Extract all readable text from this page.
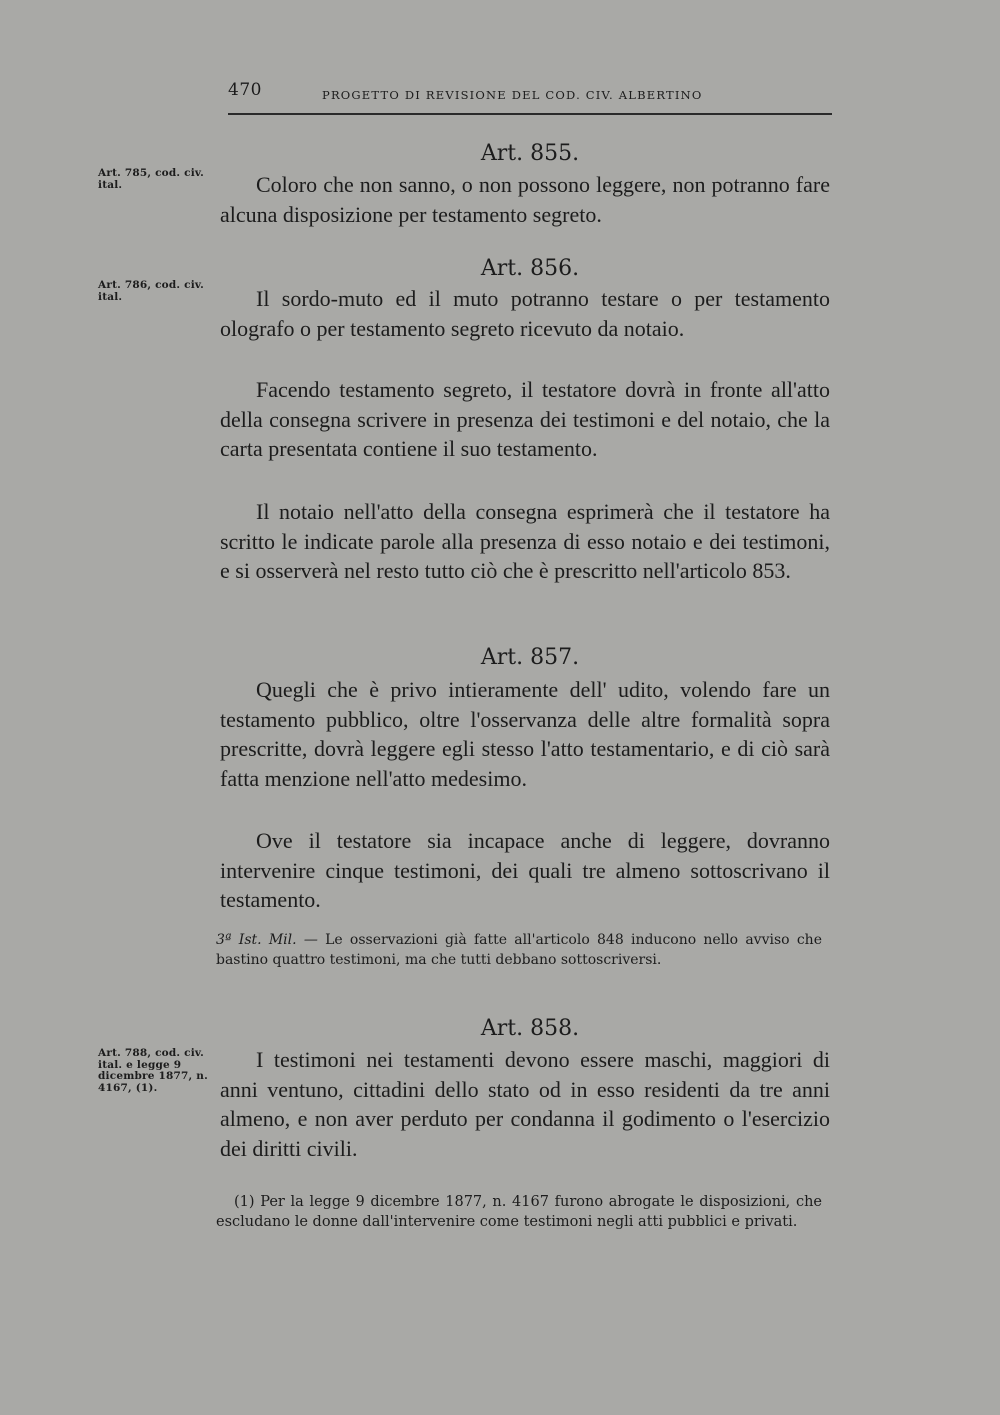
470	PROGETTO DI REVISIONE DEL COD. CIV. ALBERTINO
Art. 855.
Art. 785, cod. civ. ital.	Coloro che non sanno, o non possono leggere, non potranno fare alcuna disposizione per testamento segreto.

Art. 856.
Art. 786, cod. civ. ital.	Il sordo-muto ed il muto potranno testare o per testamento olografo o per testamento segreto ricevuto da notaio.

Facendo testamento segreto, il testatore dovrà in fronte all'atto della consegna scrivere in presenza dei testimoni e del notaio, che la carta presentata contiene il suo testamento.

Il notaio nell'atto della consegna esprimerà che il testatore ha scritto le indicate parole alla presenza di esso notaio e dei testimoni, e si osserverà nel resto tutto ciò che è prescritto nell'articolo 853.

Art. 857.

Quegli che è privo intieramente dell' udito, volendo fare un testamento pubblico, oltre l'osservanza delle altre formalità sopra prescritte, dovrà leggere egli stesso l'atto testamentario, e di ciò sarà fatta menzione nell'atto medesimo.

Ove il testatore sia incapace anche di leggere, dovranno intervenire cinque testimoni, dei quali tre almeno sottoscrivano il testamento.

3ª Ist. Mil. — Le osservazioni già fatte all'articolo 848 inducono nello avviso che bastino quattro testimoni, ma che tutti debbano sottoscriversi.

Art. 858.
Art. 788, cod. civ. ital. e legge 9 dicembre 1877, n. 4167, (1).

I testimoni nei testamenti devono essere maschi, maggiori di anni ventuno, cittadini dello stato od in esso residenti da tre anni almeno, e non aver perduto per condanna il godimento o l'esercizio dei diritti civili.

(1) Per la legge 9 dicembre 1877, n. 4167 furono abrogate le disposizioni, che escludano le donne dall'intervenire come testimoni negli atti pubblici e privati.
